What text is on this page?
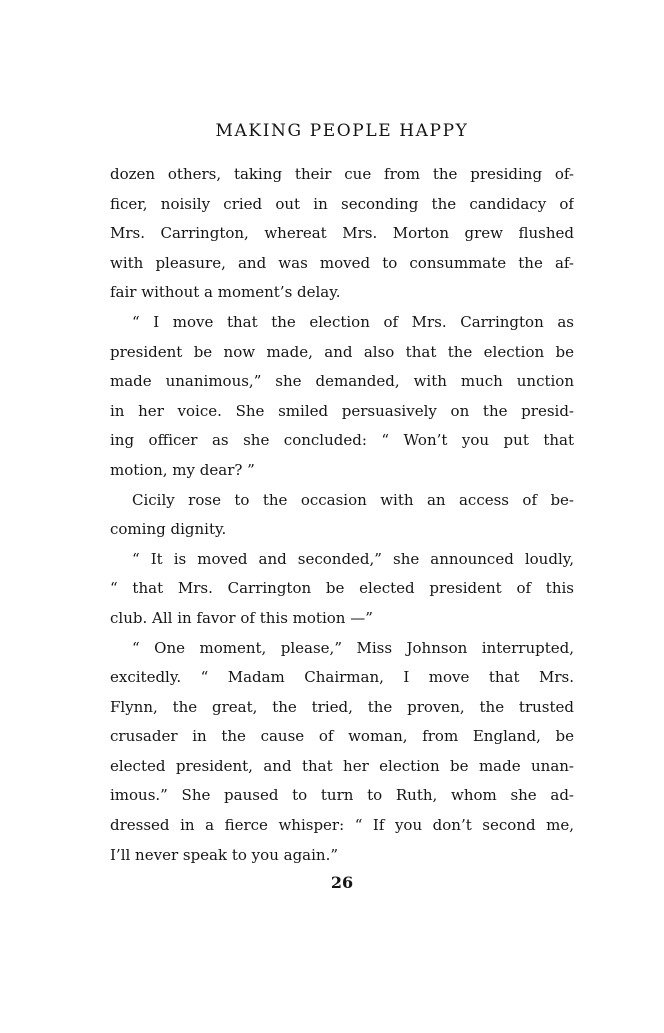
MAKING PEOPLE HAPPY
dozen others, taking their cue from the presiding of-
ficer, noisily cried out in seconding the candidacy of
Mrs. Carrington, whereat Mrs. Morton grew flushed
with pleasure, and was moved to consummate the af-
fair without a moment’s delay.
“ I move that the election of Mrs. Carrington as
president be now made, and also that the election be
made unanimous,” she demanded, with much unction
in her voice. She smiled persuasively on the presid-
ing officer as she concluded: “ Won’t you put that
motion, my dear? ”
Cicily rose to the occasion with an access of be-
coming dignity.
“ It is moved and seconded,” she announced loudly,
“ that Mrs. Carrington be elected president of this
club. All in favor of this motion —”
“ One moment, please,” Miss Johnson interrupted,
excitedly. “ Madam Chairman, I move that Mrs.
Flynn, the great, the tried, the proven, the trusted
crusader in the cause of woman, from England, be
elected president, and that her election be made unan-
imous.” She paused to turn to Ruth, whom she ad-
dressed in a fierce whisper: “ If you don’t second me,
I’ll never speak to you again.”
26
